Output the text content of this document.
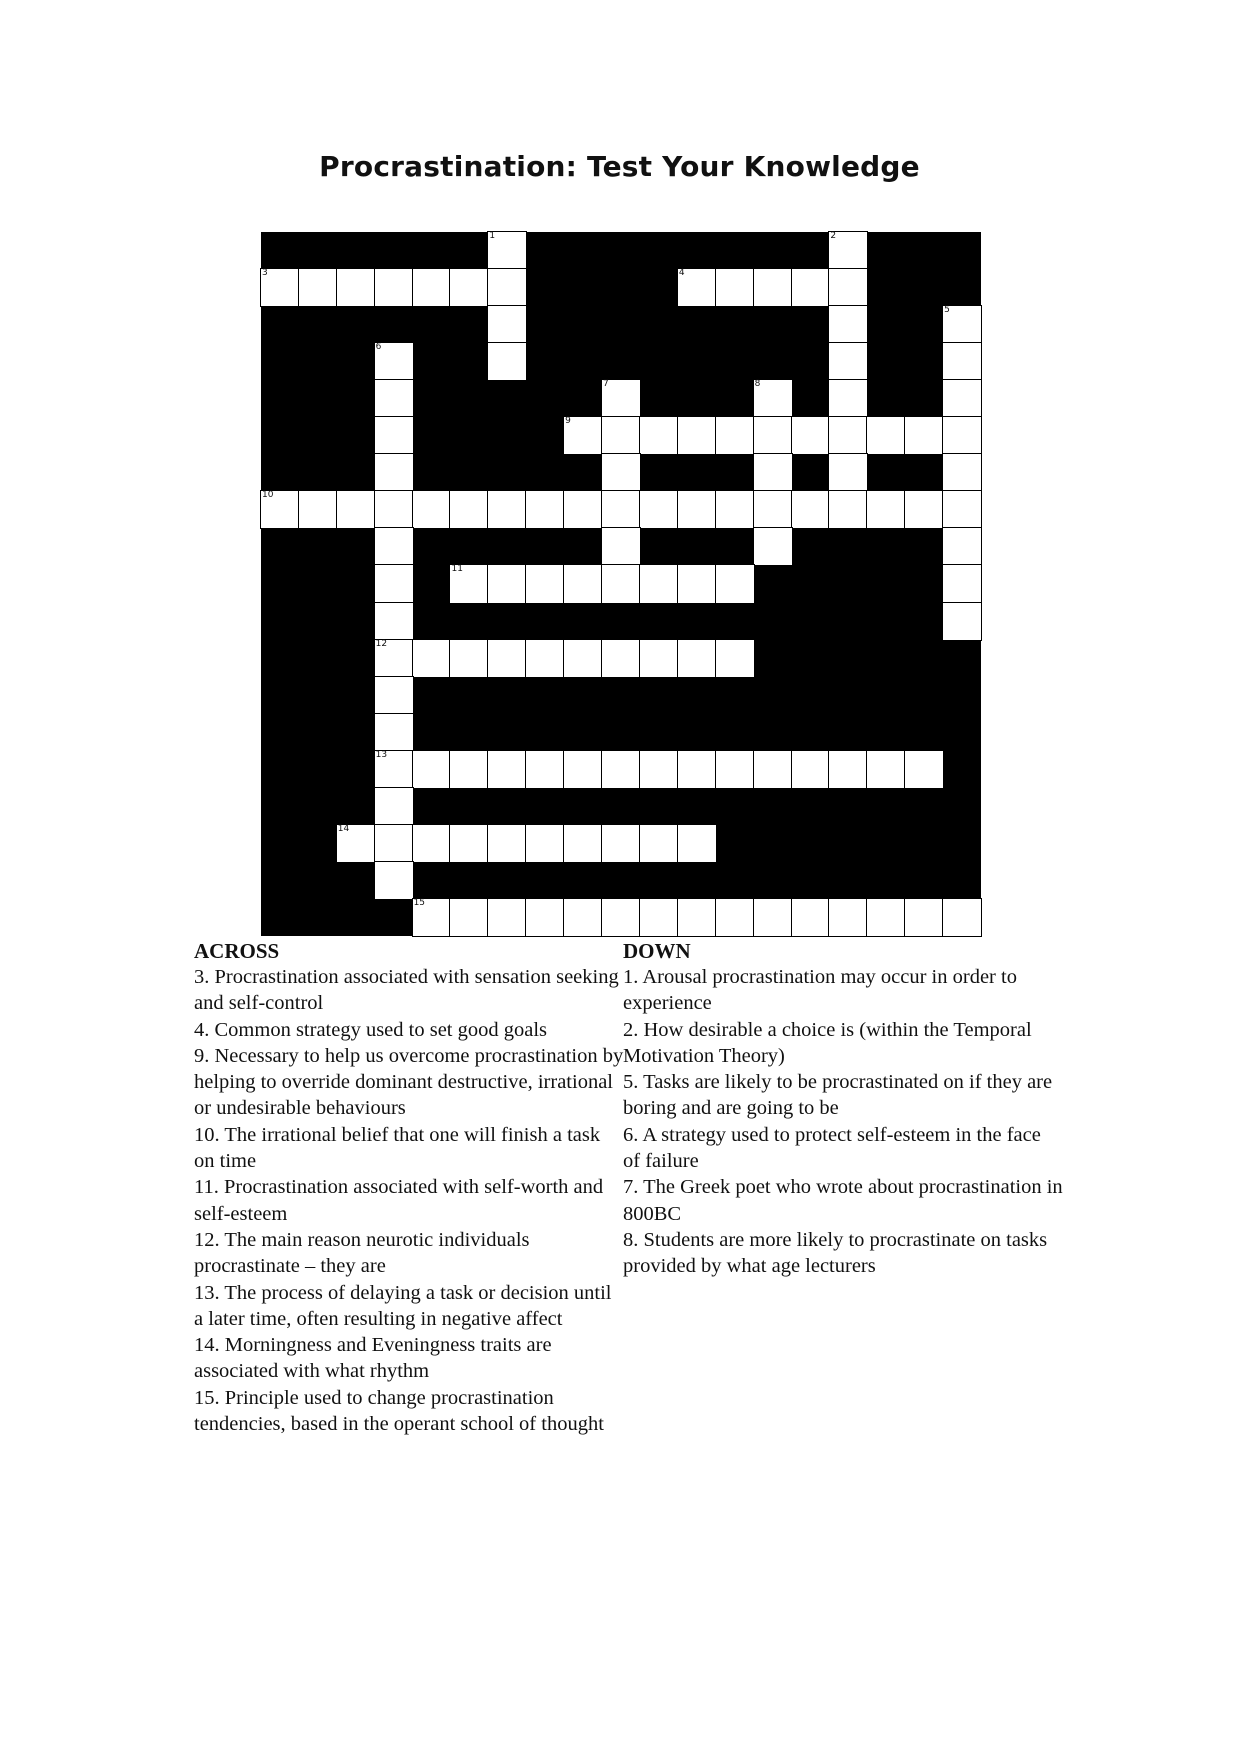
Procrastination: Test Your Knowledge
1	2
3	4
5
6
7	8
9
10
11
12
13
14
15
ACROSS

3. Procrastination associated with sensation seeking and self-control

4. Common strategy used to set good goals

9. Necessary to help us overcome procrastination by helping to override dominant destructive, irrational or undesirable behaviours

10. The irrational belief that one will finish a task on time

11. Procrastination associated with self-worth and self-esteem

12. The main reason neurotic individuals procrastinate – they are

13. The process of delaying a task or decision until a later time, often resulting in negative affect

14. Morningness and Eveningness traits are associated with what rhythm

15. Principle used to change procrastination tendencies, based in the operant school of thought

DOWN

1. Arousal procrastination may occur in order to experience

2. How desirable a choice is (within the Temporal Motivation Theory)

5. Tasks are likely to be procrastinated on if they are boring and are going to be

6. A strategy used to protect self-esteem in the face of failure

7. The Greek poet who wrote about procrastination in 800BC

8. Students are more likely to procrastinate on tasks provided by what age lecturers
